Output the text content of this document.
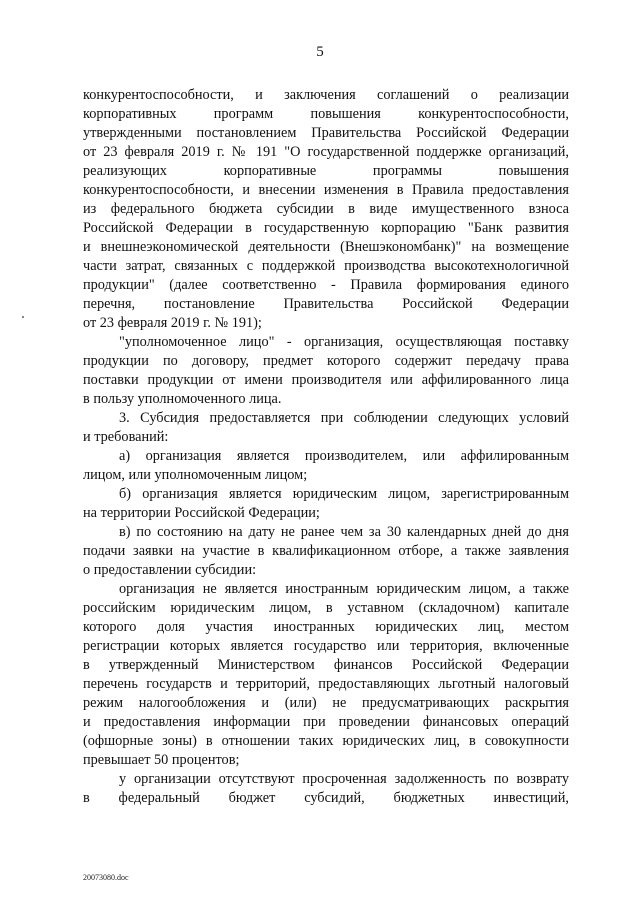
5

конкурентоспособности, и заключения соглашений о реализации
корпоративных программ повышения конкурентоспособности,
утвержденными постановлением Правительства Российской Федерации
от 23 февраля 2019 г. № 191 "О государственной поддержке организаций,
реализующих корпоративные программы повышения
конкурентоспособности, и внесении изменения в Правила предоставления
из федерального бюджета субсидии в виде имущественного взноса
Российской Федерации в государственную корпорацию "Банк развития
и внешнеэкономической деятельности (Внешэкономбанк)" на возмещение
части затрат, связанных с поддержкой производства высокотехнологичной
продукции" (далее соответственно - Правила формирования единого
перечня, постановление Правительства Российской Федерации
от 23 февраля 2019 г. № 191);

"уполномоченное лицо" - организация, осуществляющая поставку
продукции по договору, предмет которого содержит передачу права
поставки продукции от имени производителя или аффилированного лица
в пользу уполномоченного лица.

3. Субсидия предоставляется при соблюдении следующих условий
и требований:

а) организация является производителем, или аффилированным
лицом, или уполномоченным лицом;

б) организация является юридическим лицом, зарегистрированным
на территории Российской Федерации;

в) по состоянию на дату не ранее чем за 30 календарных дней до дня
подачи заявки на участие в квалификационном отборе, а также заявления
о предоставлении субсидии:

организация не является иностранным юридическим лицом, а также
российским юридическим лицом, в уставном (складочном) капитале
которого доля участия иностранных юридических лиц, местом
регистрации которых является государство или территория, включенные
в утвержденный Министерством финансов Российской Федерации
перечень государств и территорий, предоставляющих льготный налоговый
режим налогообложения и (или) не предусматривающих раскрытия
и предоставления информации при проведении финансовых операций
(офшорные зоны) в отношении таких юридических лиц, в совокупности
превышает 50 процентов;

у организации отсутствуют просроченная задолженность по возврату
в федеральный бюджет субсидий, бюджетных инвестиций,

20073080.doc
